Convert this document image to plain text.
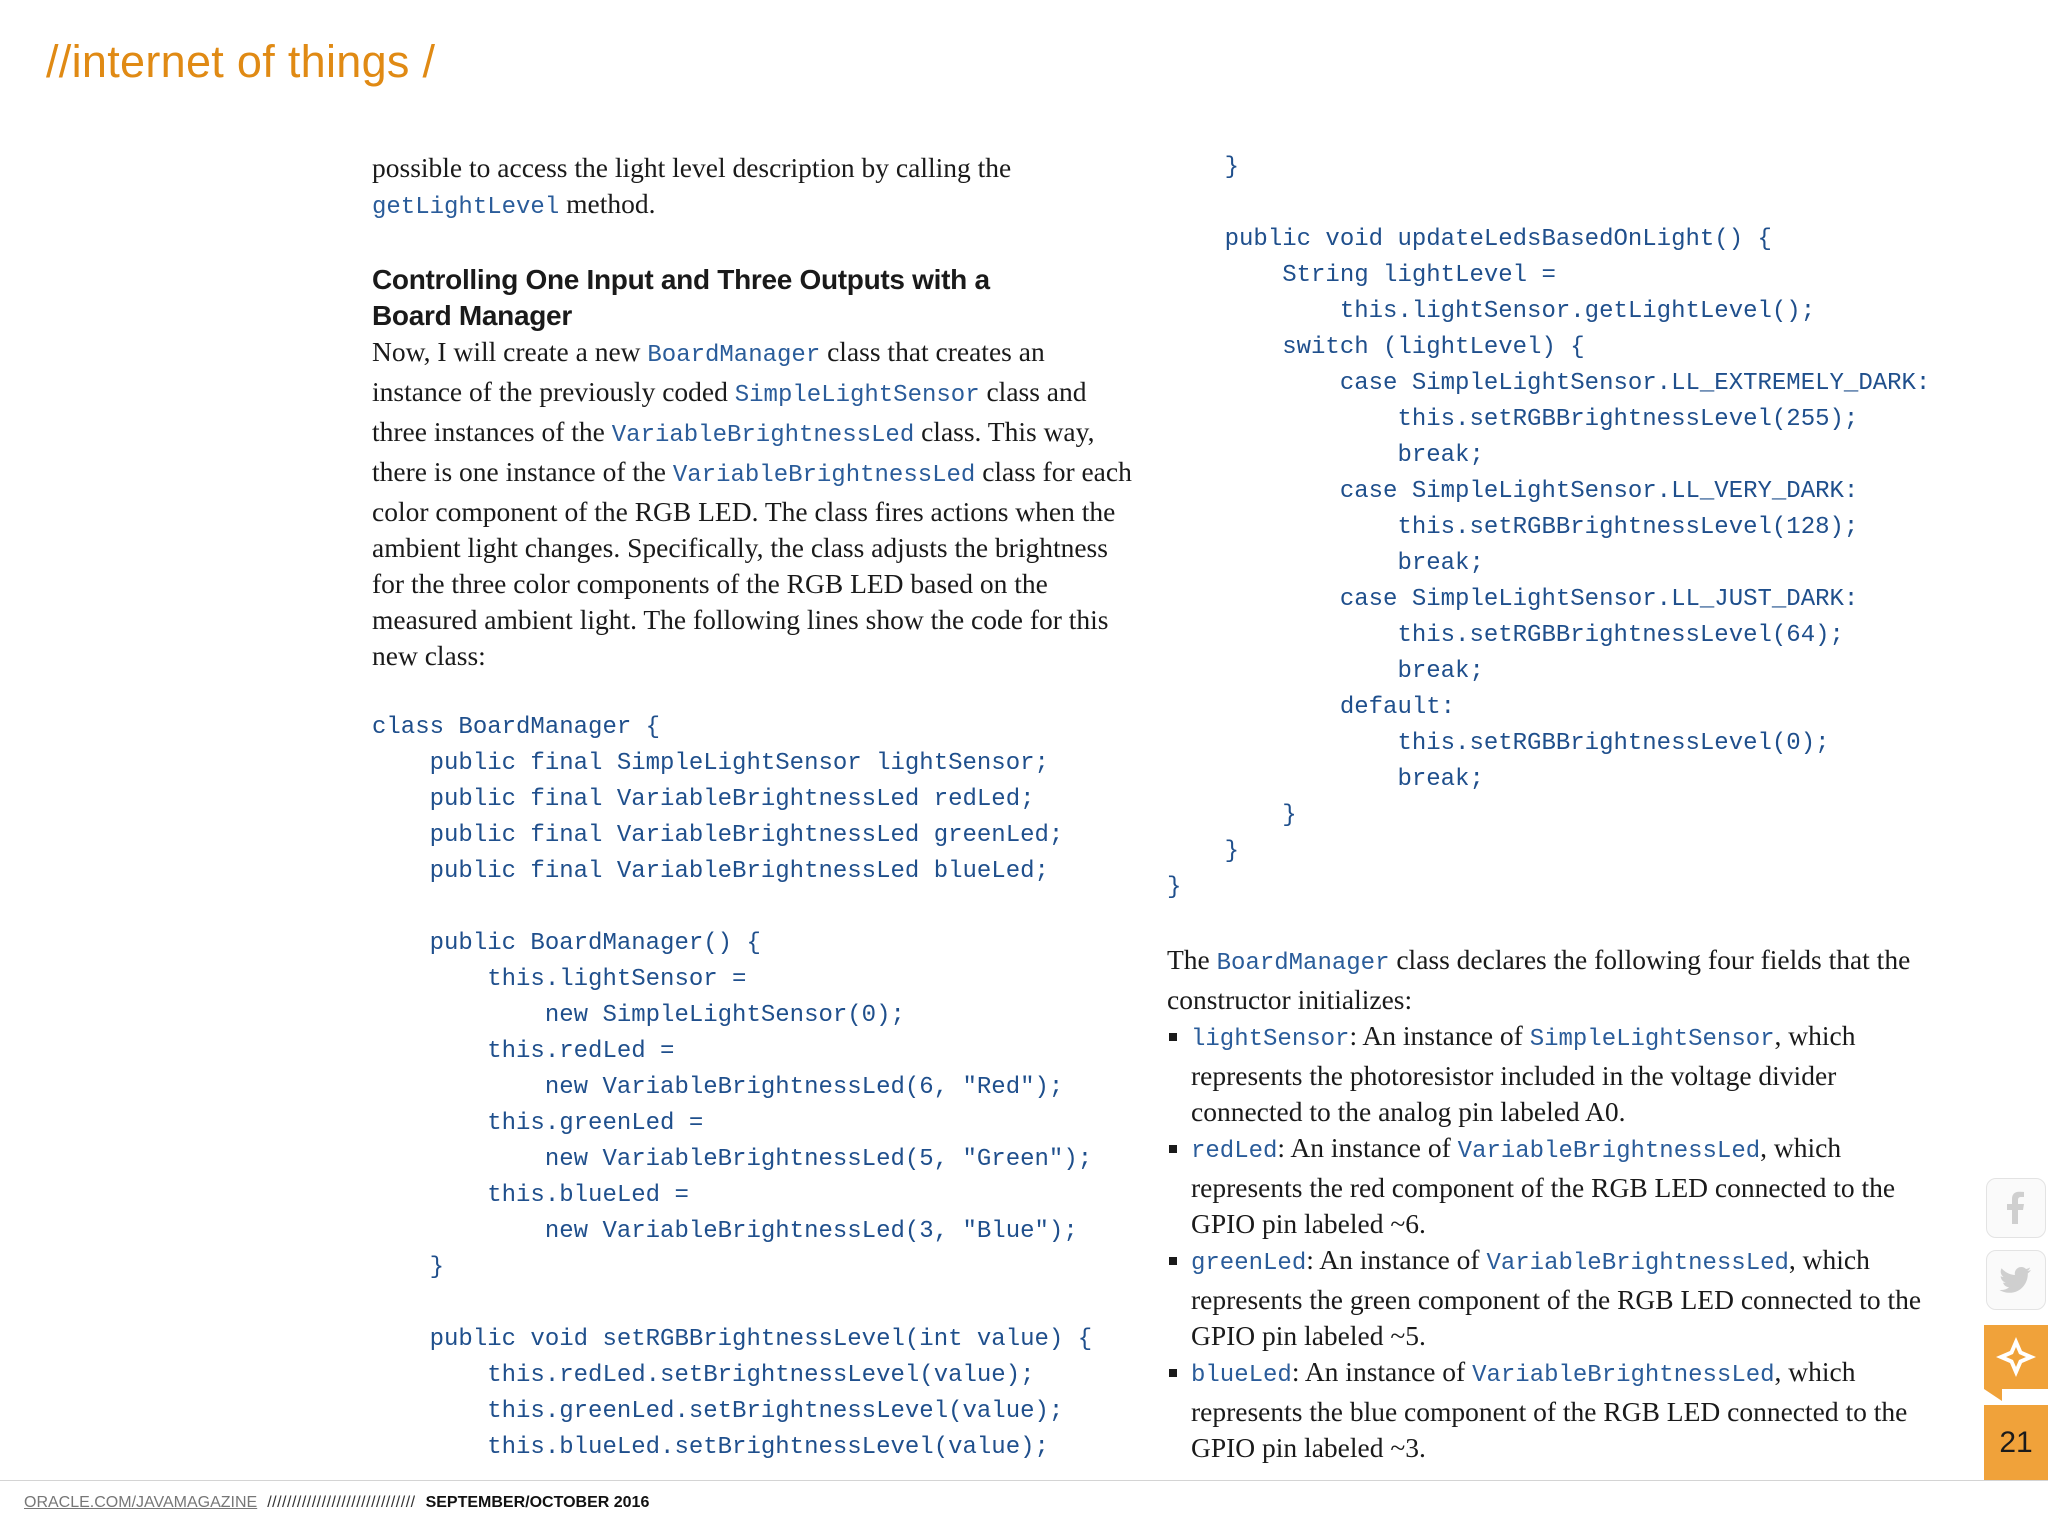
//internet of things /

possible to access the light level description by calling the
getLightLevel method.

Controlling One Input and Three Outputs with a
Board Manager

Now, I will create a new BoardManager class that creates an instance of the previously coded SimpleLightSensor class and three instances of the VariableBrightnessLed class. This way, there is one instance of the VariableBrightnessLed class for each color component of the RGB LED. The class fires actions when the ambient light changes. Specifically, the class adjusts the brightness for the three color components of the RGB LED based on the measured ambient light. The following lines show the code for this new class:

class BoardManager {
public final SimpleLightSensor lightSensor;
public final VariableBrightnessLed redLed;
public final VariableBrightnessLed greenLed;
public final VariableBrightnessLed blueLed;

public BoardManager() {
this.lightSensor =
new SimpleLightSensor(0);
this.redLed =
new VariableBrightnessLed(6, "Red");
this.greenLed =
new VariableBrightnessLed(5, "Green");
this.blueLed =
new VariableBrightnessLed(3, "Blue");
}

public void setRGBBrightnessLevel(int value) {
this.redLed.setBrightnessLevel(value);
this.greenLed.setBrightnessLevel(value);
this.blueLed.setBrightnessLevel(value);
}

public void updateLedsBasedOnLight() {
String lightLevel =
this.lightSensor.getLightLevel();
switch (lightLevel) {
case SimpleLightSensor.LL_EXTREMELY_DARK:
this.setRGBBrightnessLevel(255);
break;
case SimpleLightSensor.LL_VERY_DARK:
this.setRGBBrightnessLevel(128);
break;
case SimpleLightSensor.LL_JUST_DARK:
this.setRGBBrightnessLevel(64);
break;
default:
this.setRGBBrightnessLevel(0);
break;
}
}
}

The BoardManager class declares the following four fields that the constructor initializes:

lightSensor: An instance of SimpleLightSensor, which represents the photoresistor included in the voltage divider connected to the analog pin labeled A0.
redLed: An instance of VariableBrightnessLed, which represents the red component of the RGB LED connected to the GPIO pin labeled ~6.
greenLed: An instance of VariableBrightnessLed, which represents the green component of the RGB LED connected to the GPIO pin labeled ~5.
blueLed: An instance of VariableBrightnessLed, which represents the blue component of the RGB LED connected to the GPIO pin labeled ~3.	21
ORACLE.COM/JAVAMAGAZINE ////////////////////////////// SEPTEMBER/OCTOBER 2016
